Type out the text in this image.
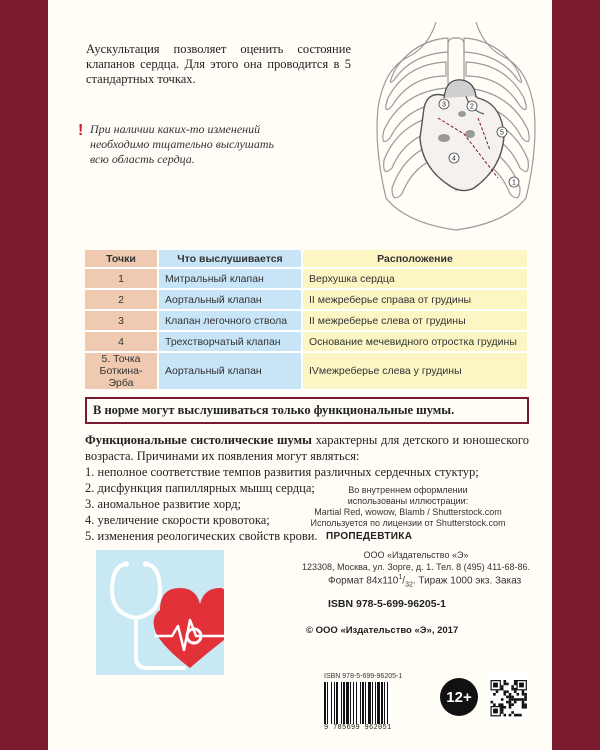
Аускультация позволяет оценить состояние клапанов сердца. Для этого она проводится в 5 стандартных точках.
! При наличии каких-то изменений необходимо тщательно выслушать всю область сердца.
3	2
5
4
1
Точки	Что выслушивается	Расположение
1	Митральный клапан	Верхушка сердца
2	Аортальный клапан	II межреберье справа от грудины
3	Клапан легочного ствола	II межреберье слева от грудины
4	Трехстворчатый клапан	Основание мечевидного отростка грудины
5. Точка Боткина-Эрба	Аортальный клапан	IVмежреберье слева у грудины
В норме могут выслушиваться только функциональные шумы.
Функциональные систолические шумы характерны для детского и юношеского возраста. Причинами их появления могут являться:
1. неполное соответствие темпов развития различных сердечных стуктур;
2. дисфункция папиллярных мышц сердца;
3. аномальное развитие хорд;
4. увеличение скорости кровотока;
5. изменения реологических свойств крови.
Во внутреннем оформлении
использованы иллюстрации:
Martial Red, wowow, Blamb / Shutterstock.com
Используется по лицензии от Shutterstock.com
ПРОПЕДЕВТИКА
ООО «Издательство «Э»
123308, Москва, ул. Зорге, д. 1. Тел. 8 (495) 411-68-86.
Формат $84x110^1/_{32}$. Тираж 1000 экз. Заказ
ISBN 978-5-699-96205-1
© ООО «Издательство «Э», 2017
ISBN 978-5-699-96205-1
9 785699 962051
12+
